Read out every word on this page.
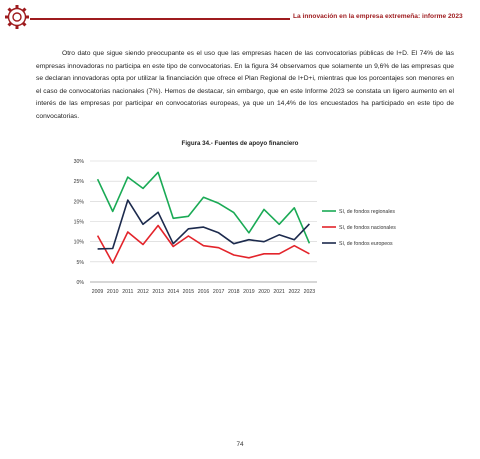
La innovación en la empresa extremeña: informe 2023

Otro dato que sigue siendo preocupante es el uso que las empresas hacen de las convocatorias públicas de I+D. El 74% de las empresas innovadoras no participa en este tipo de convocatorias. En la figura 34 observamos que solamente un 9,6% de las empresas que se declaran innovadoras opta por utilizar la financiación que ofrece el Plan Regional de I+D+i, mientras que los porcentajes son menores en el caso de convocatorias nacionales (7%). Hemos de destacar, sin embargo, que en este Informe 2023 se constata un ligero aumento en el interés de las empresas por participar en convocatorias europeas, ya que un 14,4% de los encuestados ha participado en este tipo de convocatorias.

Figura 34.- Fuentes de apoyo financiero
0%
5%
10%
15%
20%
25%
30%
2009 2010 2011 2012 2013 2014 2015 2016 2017 2018 2019 2020 2021 2022 2023
Sí, de fondos regionales
Sí, de fondos nacionales
Sí, de fondos europeos
74
